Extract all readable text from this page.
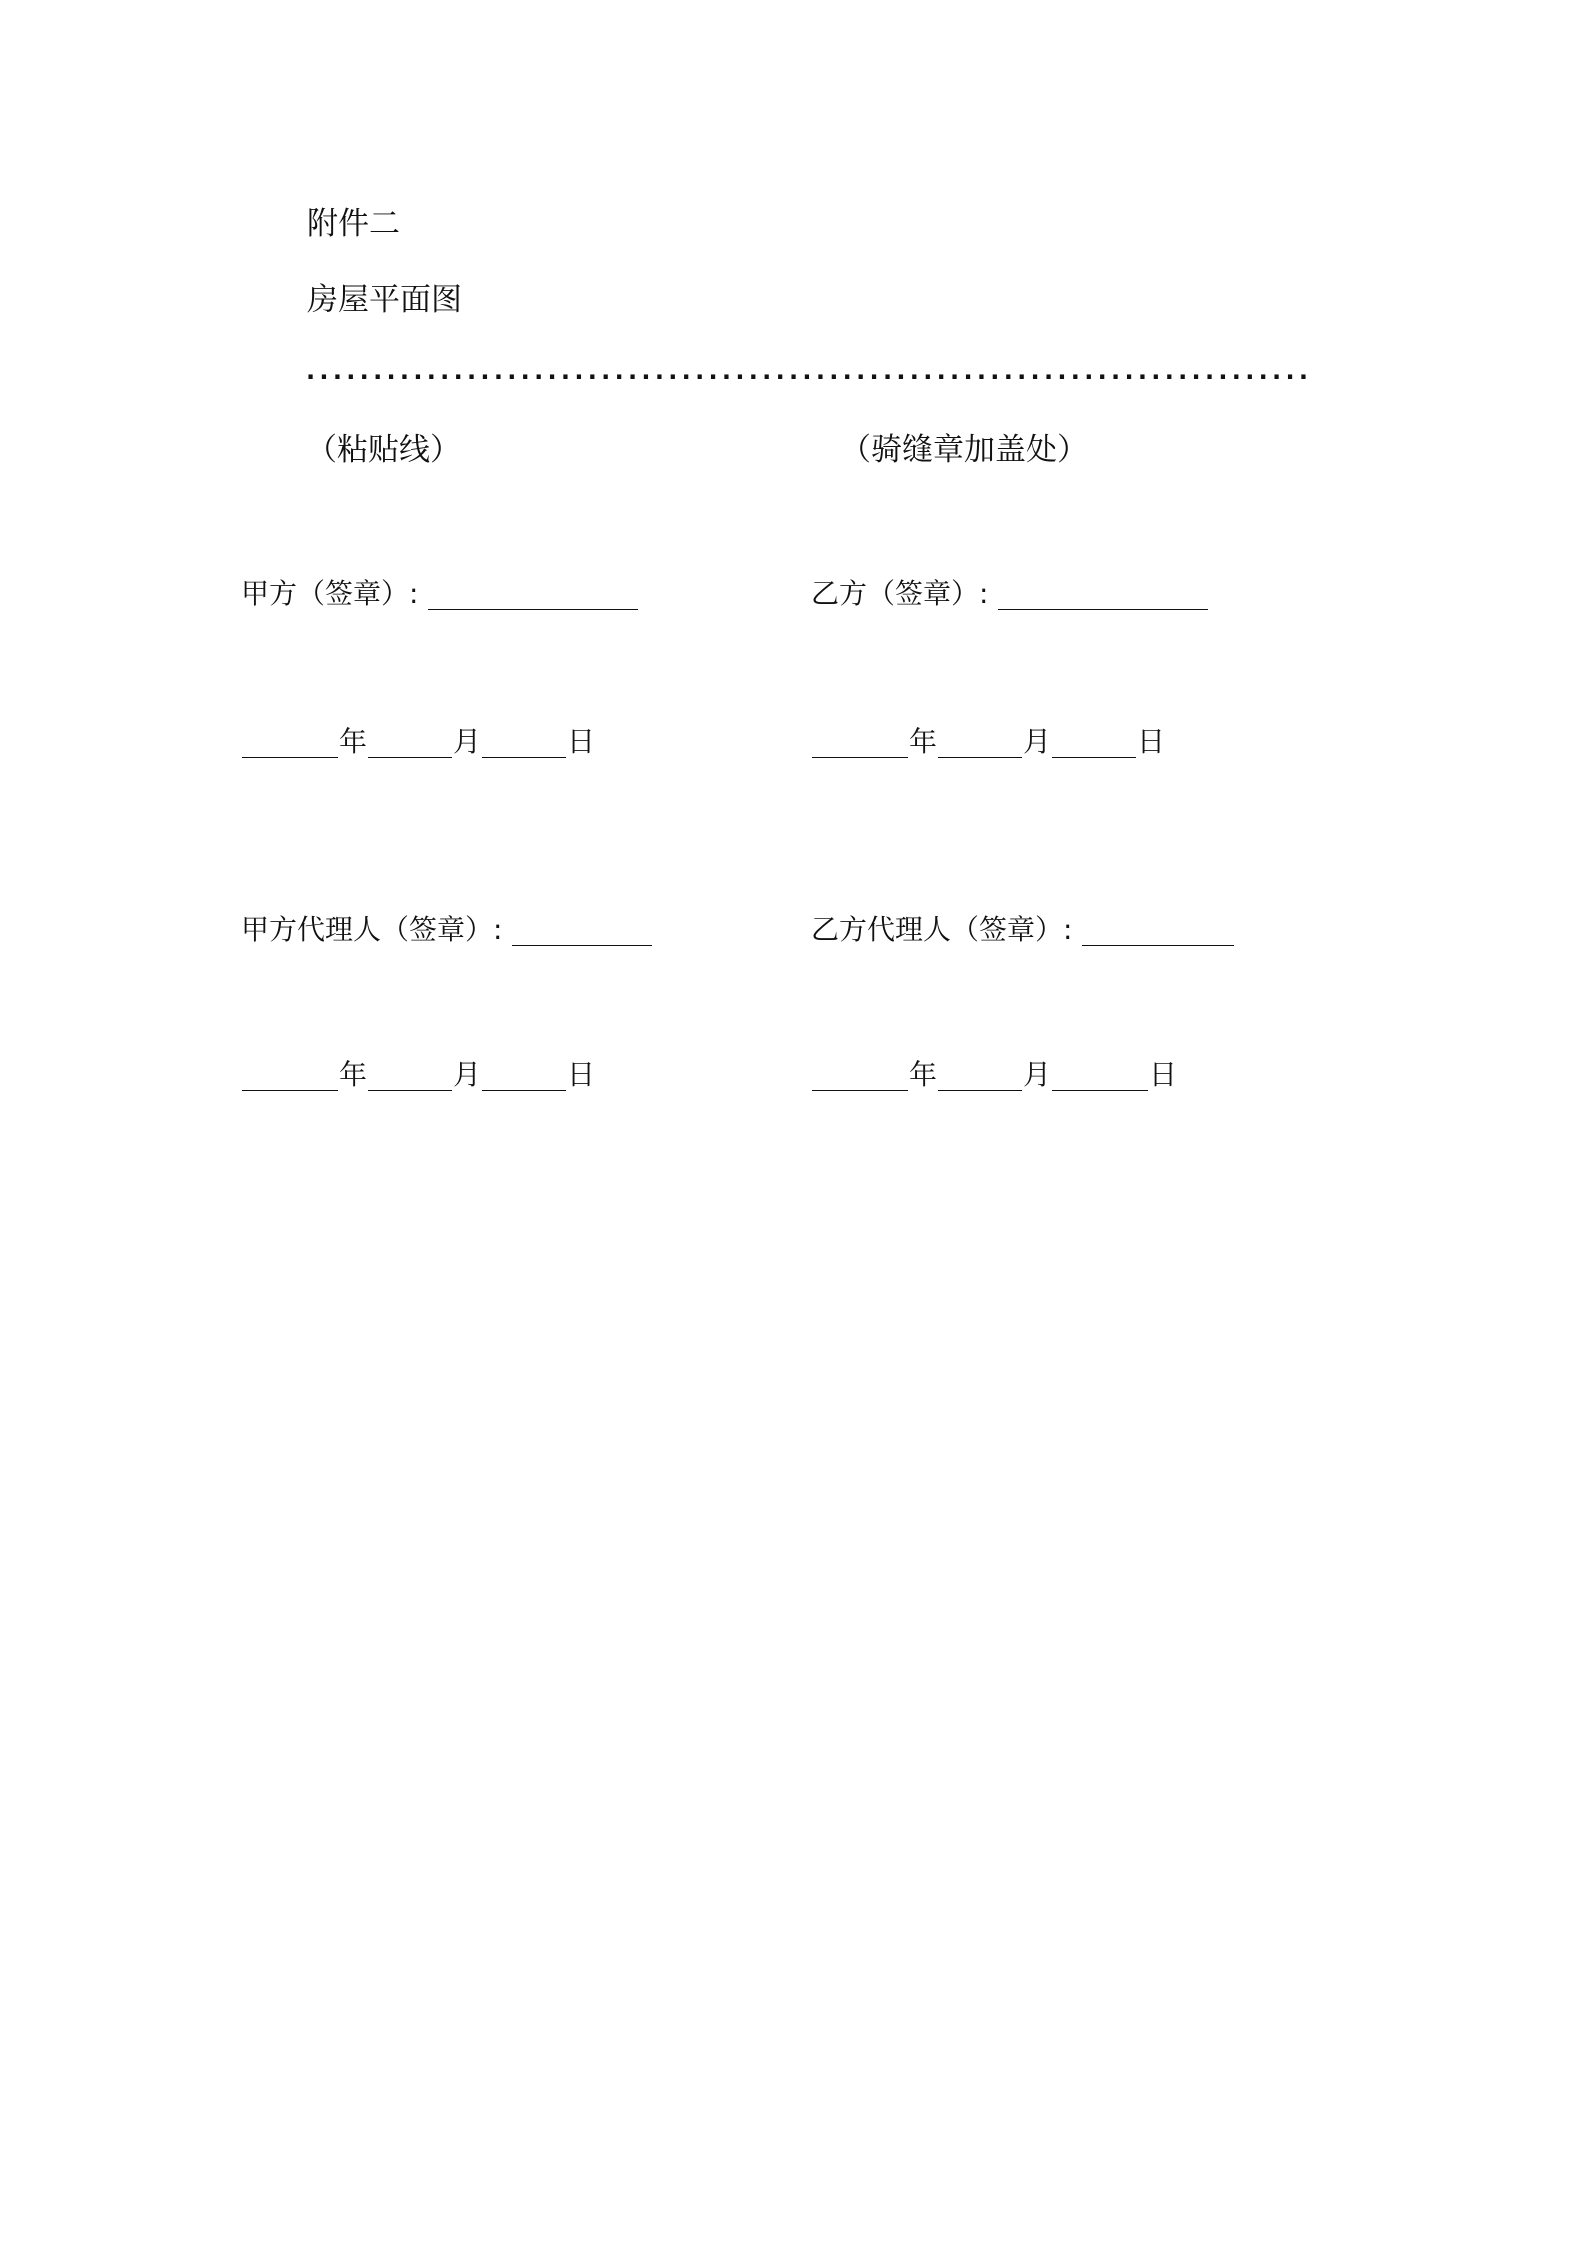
附件二
房屋平面图
...........................................................................
（粘贴线）	（骑缝章加盖处）
甲方（签章）:	乙方（签章）:
年	月	日	年	月	日
甲方代理人（签章）:	乙方代理人（签章）:
年	月	日	年	月	日
